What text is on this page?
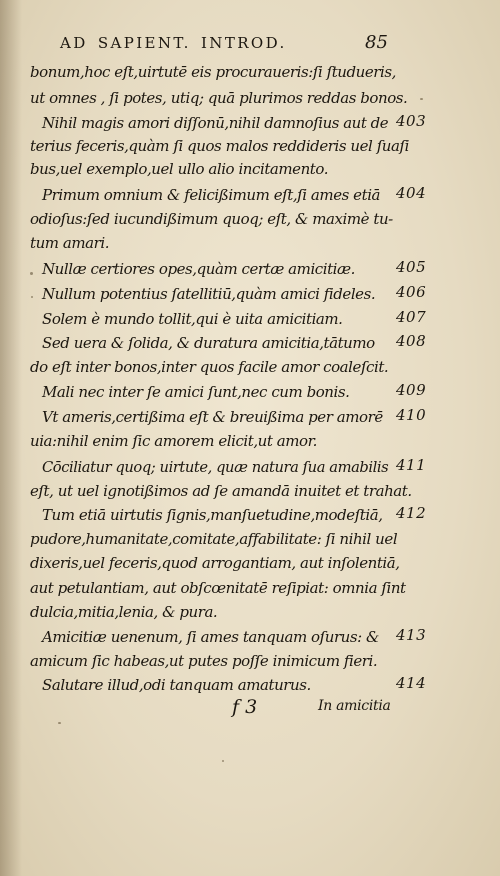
AD SAPIENT. INTROD.	85
bonum,hoc eſt,uirtutē eis procuraueris:ſi ſtudueris,
ut omnes , ſi potes, utiq; quā plurimos reddas bonos.
Nihil magis amori diſſonū,nihil damnoſius aut de 403
terius feceris,quàm ſi quos malos reddideris uel ſuaſi
bus,uel exemplo,uel ullo alio incitamento.
Primum omnium & felicißimum eſt,ſi ames etiā 404
odioſus:ſed iucundißimum quoq; eſt, & maximè tu-
tum amari.
Nullæ certiores opes,quàm certæ amicitiæ.	405
Nullum potentius ſatellitiū,quàm amici fideles. 406
Solem è mundo tollit,qui è uita amicitiam.	407
Sed uera & ſolida, & duratura amicitia,tātumo 408
do eſt inter bonos,inter quos facile amor coaleſcit.
Mali nec inter ſe amici ſunt,nec cum bonis.	409
Vt ameris,certißima eſt & breuißima per amorē 410
uia:nihil enim ſic amorem elicit,ut amor.
Cōciliatur quoq; uirtute, quæ natura ſua amabilis 411
eſt, ut uel ignotißimos ad ſe amandā inuitet et trahat.
Tum etiā uirtutis ſignis,manſuetudine,modeſtiā, 412
pudore,humanitate,comitate,affabilitate: ſi nihil uel
dixeris,uel feceris,quod arrogantiam, aut inſolentiā,
aut petulantiam, aut obſcœnitatē reſipiat: omnia ſint
dulcia,mitia,lenia, & pura.
Amicitiæ uenenum, ſi ames tanquam oſurus: & 413
amicum ſic habeas,ut putes poſſe inimicum fieri.
Salutare illud,odi tanquam amaturus.	414
f 3	In amicitia
